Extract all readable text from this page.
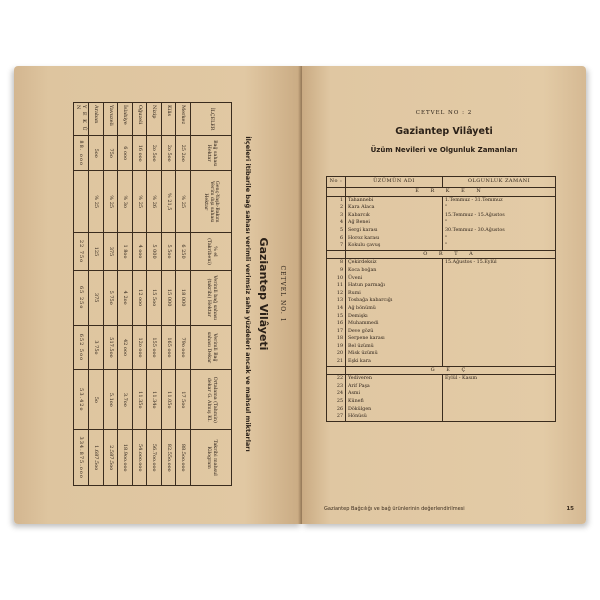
CETVEL NO. 1
Gaziantep Vilâyeti
İlçeleri itibarile bağ sahası verimli verimsiz saha yüzdeleri ancak ve mahsul miktarları
İLÇELER	Bağ sahası Hektar	Genç-Yaşlı-Bakım Verim dışı sahası Hektar	% el (Takribeni)	Verimli bağ sahası (takribi) Hektar	Verimli Bağ sahası Dekar	Ortalama (Tahmin) dekar G. Almış Kl.	Takribi mahsul Kilogram
Merkez	25 2oo	% 25	6 250	18 000	79o ooo	17 5oo	88.5oo.ooo
Kilis	2o 5oo	% 21,5	5 5oo	15 000	165 ooo	11.05o	82.55o.ooo
Nizip	2o 5oo	% 26	5 000	15 5oo	155 ooo	11.34o	56.7oo.ooo
Oğuzeli	16 ooo	% 25	4 ooo	12 ooo	12o ooo	11.35o	54.ooo.ooo
İslahiye	6 ooo	% 3o	1 8oo	4 2oo	42 ooo	3.7oo	18.9oo.ooo
Yavuzeli	75o	% 25	375	5 75o	517.5oo	5.1oo	2.587.5oo
Araban	5oo	% 25	125	375	3 75o	5o	1.687.5oo
Y E K Û N	88. ooo		22 75o	65 25o	652 5oo	53.42o	334.875.ooo
CETVEL NO : 2
Gaziantep Vilâyeti
Üzüm Nevileri ve Olgunluk Zamanları
No :	ÜZÜMÜN ADI	OLGUNLUK ZAMANI
	E R K E N	
1	Tahannebi	1.Temmuz - 31.Temmuz
2	Kara Alaca	"
3	Kabarcık	15.Temmuz - 15.Ağustos
4	Ağ Benei	"
5	Sergi karası	30.Temmuz - 30.Ağustos
6	Horoz karası	"
7	Kokulu çavuş	"
	O R T A	
8	Çekirdeksiz	15.Ağustos - 15.Eylül
9	Koca boğan	
10	Üveni	
11	Hatun parmağı	
12	Rumi	
13	Tosbağa kabarcığı	
14	Ağ bönümü	
15	Demişkı	
16	Muhammedi	
17	Deve gözü	
18	Serpene karası	
19	Bel üzümü	
20	Misk üzümü	
21	Eşki kara	
	G E Ç	
22	Yediveren	Eylül - Kasım
23	Arif Paşa	
24	Asmi	
25	Künefi	
26	Dökülgen	
27	Hönüsü	
Gaziantep Bağcılığı ve bağ ürünlerinin değerlendirilmesi	15
